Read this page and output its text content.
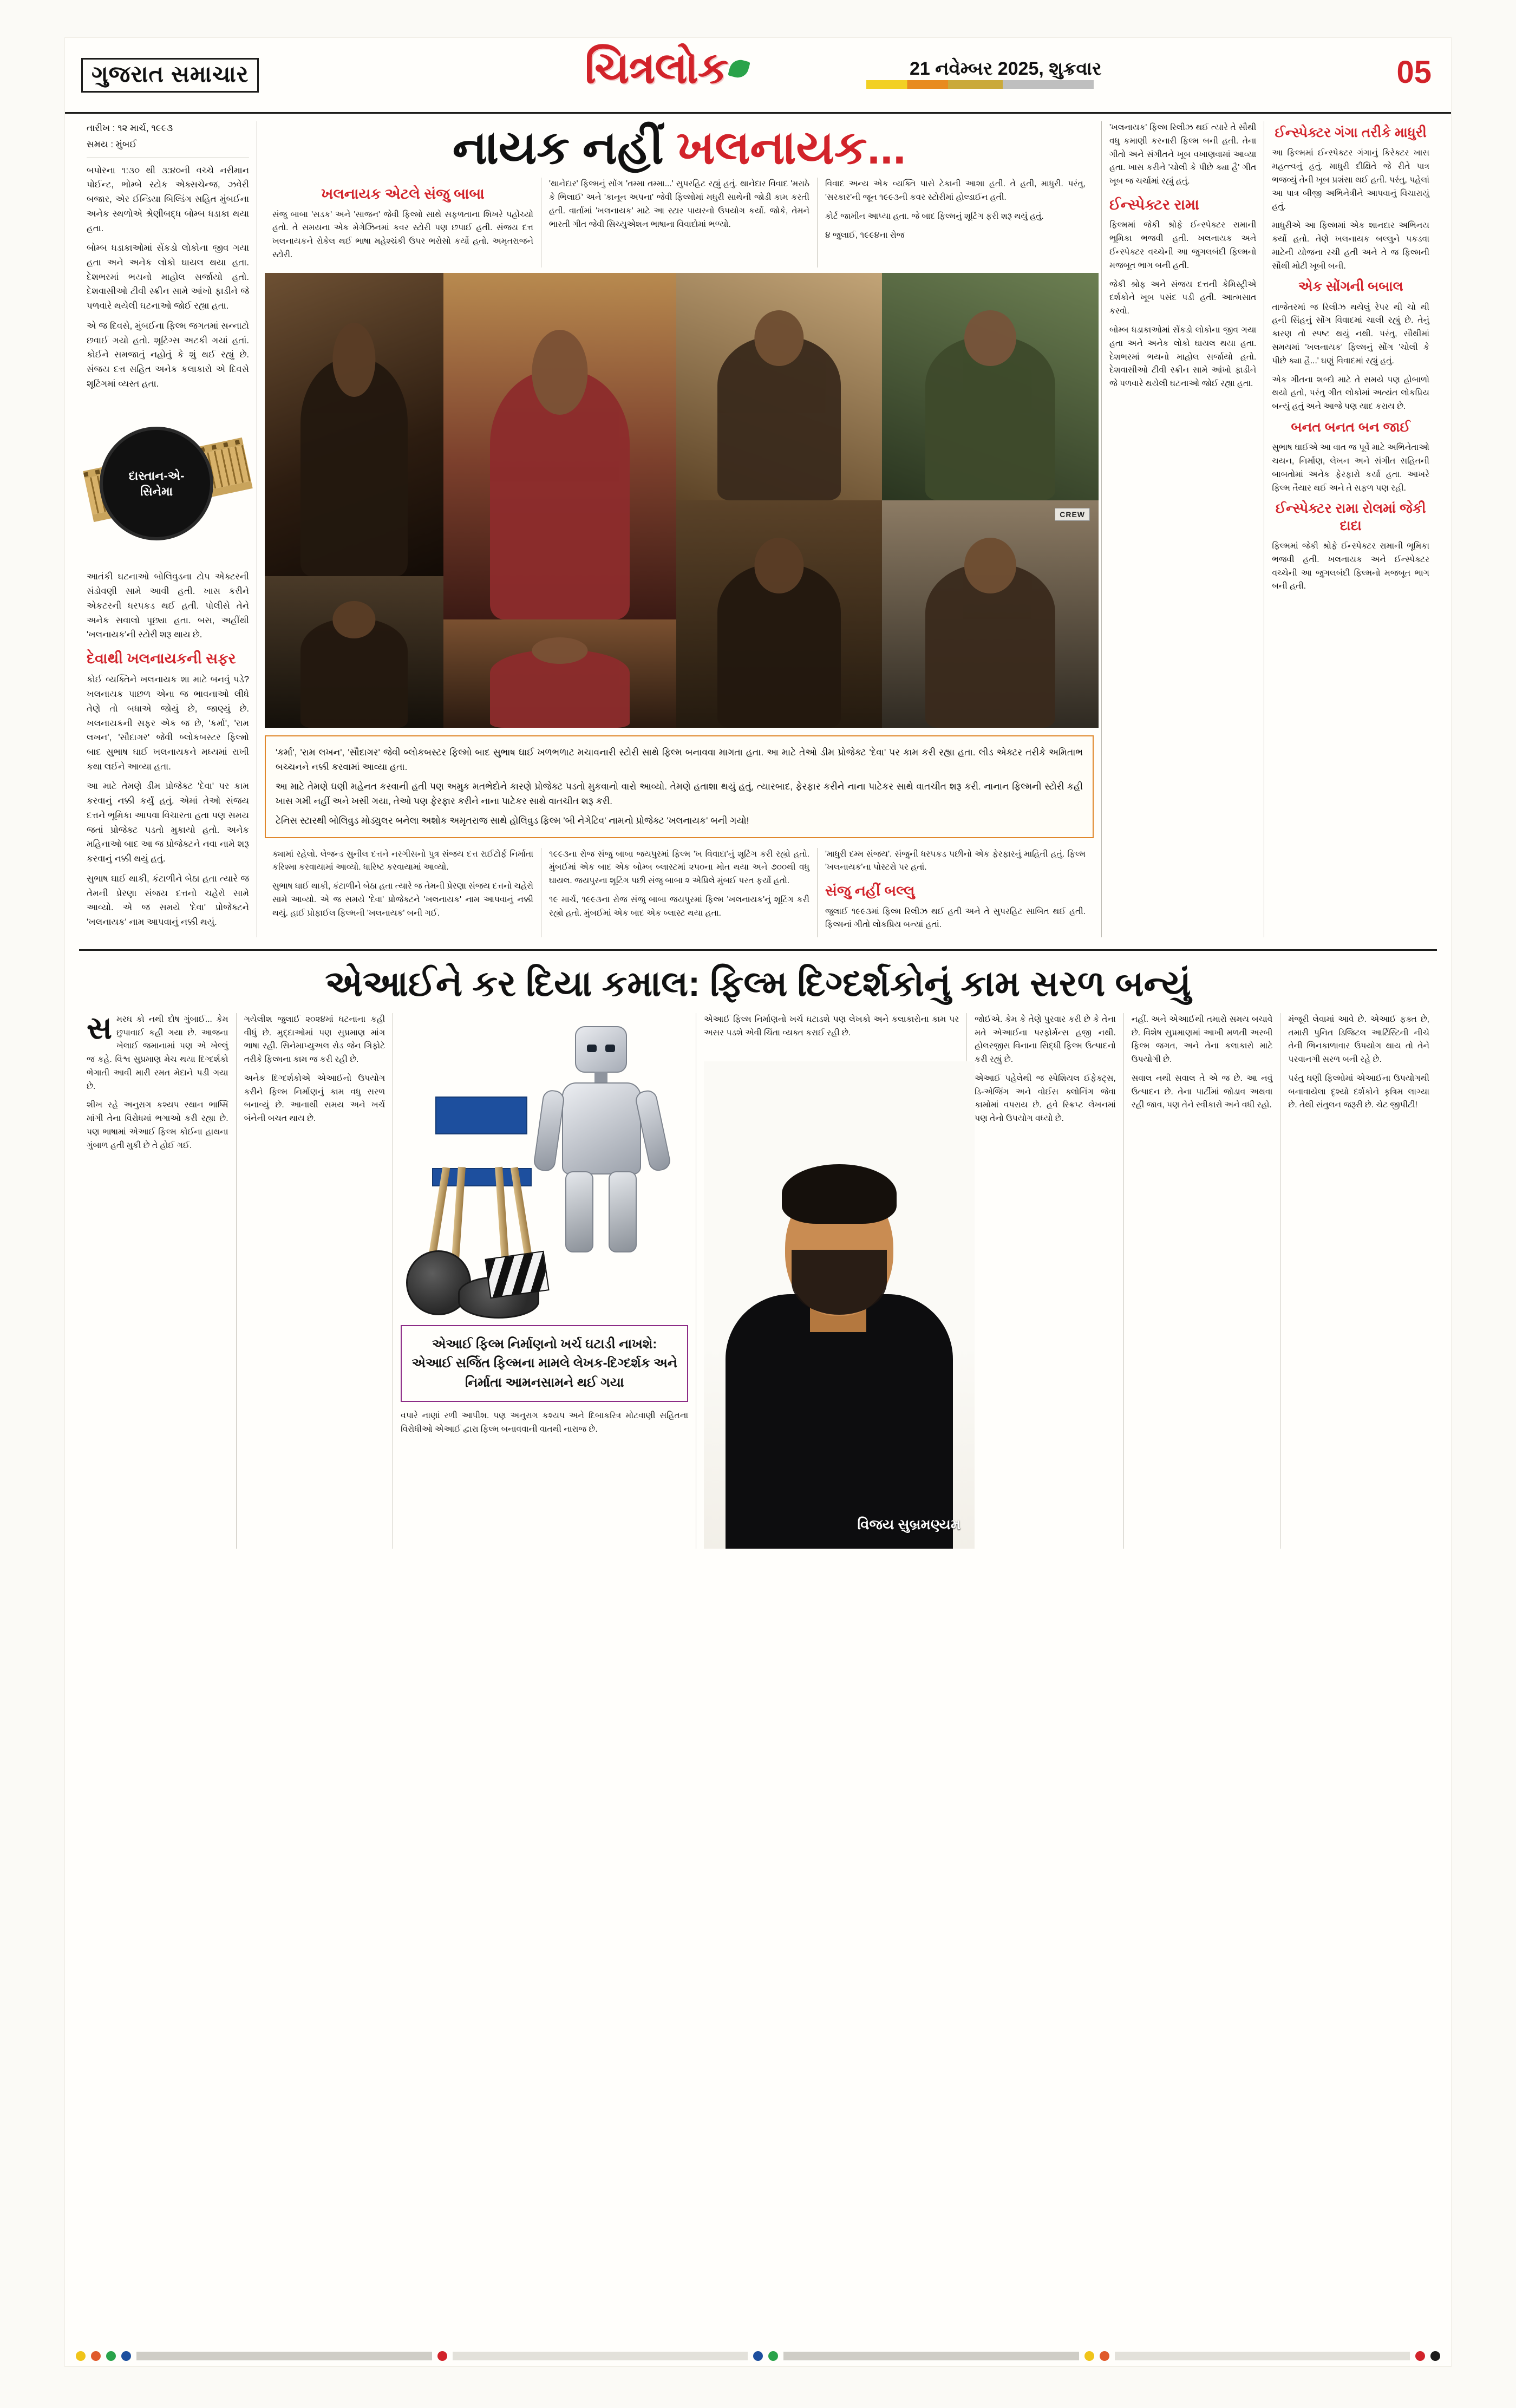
ગુજરાત સમાચાર	ચિત્રલોક	21 નવેમ્બર 2025, શુક્રવાર	05
તારીખ : ૧૨ માર્ચ, ૧૯૯૩
સમય : મુંબઈ

બપોરના ૧:૩૦ થી ૩:૪૦ની વચ્ચે નરીમાન પોઈન્ટ, ભોમ્બે સ્ટોક એક્સચેન્જ, ઝવેરી બજાર, એર ઈન્ડિયા બિલ્ડિંગ સહિત મુંબઈના અનેક સ્થળોએ શ્રેણીબદ્ધ બોમ્બ ધડાકા થયા હતા.

બોમ્બ ધડાકાઓમાં સેંકડો લોકોના જીવ ગયા હતા અને અનેક લોકો ઘાયલ થયા હતા. દેશભરમાં ભયનો માહોલ સર્જાયો હતો. દેશવાસીઓ ટીવી સ્ક્રીન સામે આંખો ફાડીને જે પળવારે થયેલી ઘટનાઓ જોઈ રહ્યા હતા.

એ જ દિવસે, મુંબઈના ફિલ્મ જગતમાં સન્નાટો છવાઈ ગયો હતો. શૂટિંગ્સ અટકી ગયાં હતાં. કોઈને સમજાતું નહોતું કે શું થઈ રહ્યું છે. સંજય દત્ત સહિત અનેક કલાકારો એ દિવસે શૂટિંગમાં વ્યસ્ત હતા.

દાસ્તાન-એ-
સિનેમા

આતંકી ઘટનાઓ બોલિવુડના ટોપ એક્ટરની સંડોવણી સામે આવી હતી. ખાસ કરીને એકટરની ધરપકડ થઈ હતી. પોલીસે તેને અનેક સવાલો પૂછ્યા હતા. બસ, અહીંથી 'ખલનાયક'ની સ્ટોરી શરૂ થાય છે.

દેવાથી ખલનાયકની સફર

કોઈ વ્યક્તિને ખલનાયક શા માટે બનવું પડે? ખલનાયક પાછળ એના જ ભાવનાઓ લીધે તેણે તો બધાએ જોયું છે, જાણ્યું છે. ખલનાયકની સફર એક જ છે, 'કર્મા', 'રામ લખન', 'સૌદાગર' જેવી બ્લોકબસ્ટર ફિલ્મો બાદ સુભાષ ઘાઈ ખલનાયકને મધ્યમાં રાખી કથા લઈને આવ્યા હતા.

આ માટે તેમણે ડીમ પ્રોજેક્ટ 'દેવા' પર કામ કરવાનું નક્કી કર્યું હતું. એમાં તેઓ સંજય દત્તને ભૂમિકા આપવા વિચારતા હતા પણ સમય જતાં પ્રોજેક્ટ પડતો મુકાયો હતો. અનેક મહિનાઓ બાદ આ જ પ્રોજેક્ટને નવા નામે શરૂ કરવાનું નક્કી થયું હતું.

સુભાષ ઘાઈ થાકી, કંટાળીને બેઠા હતા ત્યારે જ તેમની પ્રેરણા સંજય દત્તનો ચહેરો સામે આવ્યો. એ જ સમયે 'દેવા' પ્રોજેક્ટને 'ખલનાયક' નામ આપવાનું નક્કી થયું.

નાયક નહીં ખલનાયક...
ખલનાયક એટલે સંજુ બાબા

સંજુ બાબા 'સડક' અને 'સાજન' જેવી ફિલ્મો સાથે સફળતાના શિખરે પહોંચ્યો હતો. તે સમયના એક મેગેઝિનમાં કવર સ્ટોરી પણ છપાઈ હતી. સંજય દત્ત ખલનાયકને રોકેલ થઈ ભાષા મહેશ્ચ્રંકી ઉપર ભરોસો કર્યો હતો. અમૃતરાજને સ્ટોરી.

'થાનેદાર' ફિલ્મનું સોંગ 'તમ્મા તમ્મા...' સુપરહિટ રહ્યું હતું. થાનેદાર વિવાદ 'મરાઠે કે ભિલાઈ' અને 'કાનૂન અપના' જેવી ફિલ્મોમાં મધુરી સાથેની જોડી કામ કરતી હતી. વાર્તામાં 'ખલનાયક' માટે આ સ્ટાર પાયરનો ઉપયોગ કર્યો. જોકે, તેમને ભારતી ગીત જેવી સિચ્યુએશન ભાષાના વિવાદોમાં ભળ્યો.

વિવાદ અન્ય એક વ્યક્તિ પાસે ટેકાની આશા હતી. તે હતી, માધુરી. પરંતુ, 'સરકાર'ની જૂન ૧૯૯૩ની કવર સ્ટોરીમાં હોલ્ડાઈન હતી.

કોર્ટ જામીન આપ્યા હતા. જે બાદ ફિલ્મનું શૂટિંગ ફરી શરૂ થયું હતું.

૪ જુલાઈ, ૧૯૯૪ના રોજ

CREW

'કર્મા', 'રામ લખન', 'સૌદાગર' જેવી બ્લોકબસ્ટર ફિલ્મો બાદ સુભાષ ઘાઈ ખળભળાટ મચાવનારી સ્ટોરી સાથે ફિલ્મ બનાવવા માગતા હતા. આ માટે તેઓ ડીમ પ્રોજેક્ટ 'દેવા' પર કામ કરી રહ્યા હતા. લીડ એક્ટર તરીકે અમિતાભ બચ્ચનને નક્કી કરવામાં આવ્યા હતા.

આ માટે તેમણે ઘણી મહેનત કરવાની હતી પણ અમુક મતભેદોને કારણે પ્રોજેક્ટ પડતો મુકવાનો વારો આવ્યો. તેમણે હતાશા થયું હતું, ત્યારબાદ, ફેરફાર કરીને નાના પાટેકર સાથે વાતચીત શરૂ કરી. નાનાન ફિલ્મની સ્ટોરી કહી ખાસ ગમી નહીં અને ખસી ગયા, તેઓ પણ ફેરફાર કરીને નાના પાટેકર સાથે વાતચીત શરૂ કરી.

ટેનિસ સ્ટારથી બોલિવુડ મોડ્યુલર બનેલા અશોક અમૃતરાજ સાથે હોલિવુડ ફિલ્મ 'બી નેગેટિવ' નામનો પ્રોજેક્ટ 'ખલનાયક' બની ગયો!

ક્યામાં રહેલો. લેજન્ડ સુનીલ દત્તને નરગીસનો પુત્ર સંજય દત્ત રાઈટોર્ફ નિર્માતા કરિશ્મા કરવાયામાં આવ્યો. ધારિષ્ટ કરવાયામાં આવ્યો.

સુભાષ ઘાઈ થાકી, કંટાળીને બેઠા હતા ત્યારે જ તેમની પ્રેરણા સંજય દત્તનો ચહેરો સામે આવ્યો. એ જ સમયે 'દેવા' પ્રોજેક્ટને 'ખલનાયક' નામ આપવાનું નક્કી થયું. હાઈ પ્રોફાઈલ ફિલ્મની 'ખલનાયક' બની ગઈ.

૧૯૯૩ના રોજ સંજુ બાબા જયપુરમાં ફિલ્મ 'ખ વિવાદા'નું શૂટિંગ કરી રહ્યો હતો. મુંબઈમાં એક બાદ એક બોમ્બ બ્લાસ્ટમાં ૨૫૦ના મોત થયા અને ૭૦૦થી વધુ ઘાયલ. જયપુરના શૂટિંગ પછી સંજુ બાબા ૨ એપ્રિલે મુંબઈ પરત ફર્યો હતો.

૧૯ માર્ચ, ૧૯૯૩ના રોજ સંજુ બાબા જયપુરમાં ફિલ્મ 'ખલનાયક'નું શૂટિંગ કરી રહ્યો હતો. મુંબઈમાં એક બાદ એક બ્લાસ્ટ થયા હતા.

'માધુરી દમ્મ સંજય'. સંજુની ધરપકડ પછીનો એક ફેરફારનું માહિતી હતું. ફિલ્મ 'ખલનાયક'ના પોસ્ટરો પર હતાં.

સંજુ નહીં બલ્લુ

જુલાઈ ૧૯૯૩માં ફિલ્મ રિલીઝ થઈ હતી અને તે સુપરહિટ સાબિત થઈ હતી. ફિલ્મનાં ગીતો લોકપ્રિય બન્યાં હતાં.

'ખલનાયક' ફિલ્મ રિલીઝ થઈ ત્યારે તે સૌથી વધુ કમાણી કરનારી ફિલ્મ બની હતી. તેના ગીતો અને સંગીતને ખૂબ વખાણવામાં આવ્યા હતા. ખાસ કરીને 'ચોલી કે પીછે ક્યા હૈ' ગીત ખૂબ જ ચર્ચામાં રહ્યું હતું.

ઈન્સ્પેક્ટર રામા

ફિલ્મમાં જેકી શ્રોફે ઈન્સ્પેક્ટર રામાની ભૂમિકા ભજવી હતી. ખલનાયક અને ઈન્સ્પેક્ટર વચ્ચેની આ જુગલબંદી ફિલ્મનો મજબૂત ભાગ બની હતી.

જેકી શ્રોફ અને સંજય દત્તની કેમિસ્ટ્રીએ દર્શકોને ખૂબ પસંદ પડી હતી. આત્મસાત કરવો.

બોમ્બ ધડાકાઓમાં સેંકડો લોકોના જીવ ગયા હતા અને અનેક લોકો ઘાયલ થયા હતા. દેશભરમાં ભયનો માહોલ સર્જાયો હતો. દેશવાસીઓ ટીવી સ્ક્રીન સામે આંખો ફાડીને જે પળવારે થયેલી ઘટનાઓ જોઈ રહ્યા હતા.

ઈન્સ્પેક્ટર ગંગા તરીકે માધુરી

આ ફિલ્મમાં ઈન્સ્પેક્ટર ગંગાનું કિરેક્ટર ખાસ મહત્ત્વનું હતું. માધુરી દીક્ષિતે જે રીતે પાત્ર ભજવ્યું તેની ખૂબ પ્રશંસા થઈ હતી. પરંતુ, પહેલાં આ પાત્ર બીજી અભિનેત્રીને આપવાનું વિચારાયું હતું.

માધુરીએ આ ફિલ્મમાં એક શાનદાર અભિનય કર્યો હતો. તેણે ખલનાયક બલ્લુને પકડવા માટેની યોજના રચી હતી અને તે જ ફિલ્મની સૌથી મોટી ખૂબી બની.

એક સોંગની બબાલ

તાજેતરમાં જ રિલીઝ થયેલું રેપર થી ચો થી હની સિંહનું સોંગ વિવાદમાં ચાલી રહ્યું છે. તેનું કારણ તો સ્પષ્ટ થયું નથી. પરંતુ, સૌથીમાં સમયમાં 'ખલનાયક' ફિલ્મનું સોંગ 'ચોલી કે પીછે ક્યા હૈ...' ઘણું વિવાદમાં રહ્યું હતું.

એક ગીતના શબ્દો માટે તે સમયે પણ હોબાળો થયો હતો, પરંતુ ગીત લોકોમાં અત્યંત લોકપ્રિય બન્યું હતું અને આજે પણ યાદ કરાય છે.

બનત બનત બન જાઈ

સુભાષ ઘાઈએ આ વાત જ પૂર્વે માટે અભિનેતાઓ ચયન, નિર્માણ, લેખન અને સંગીત સહિતની બાબતોમાં અનેક ફેરફારો કર્યા હતા. આખરે ફિલ્મ તૈયાર થઈ અને તે સફળ પણ રહી.

ઈન્સ્પેક્ટર રામા રોલમાં જેકી દાદા

ફિલ્મમાં જેકી શ્રોફે ઈન્સ્પેક્ટર રામાની ભૂમિકા ભજવી હતી. ખલનાયક અને ઈન્સ્પેક્ટર વચ્ચેની આ જુગલબંદી ફિલ્મનો મજબૂત ભાગ બની હતી.

એઆઈને કર દિયા કમાલ: ફિલ્મ દિગ્દર્શકોનું કામ સરળ બન્યું

સ મરઘ કો નથી દોષ ગુંબાઈ... કેમ છુપાવાઈ કહી ગયા છે. આજના ખેલાઈ જમાનામાં પણ એ ખેલ્લું જ કહે. વિશ્વ સુપ્રમાણ મેચ થયા દિગ્દર્શકો ભેગાતી આવી મારી રમત મેદાને પડી ગયા છે.

શીખ રહે અનુરાગ કશ્યપ સ્થાન ભાષ્મિ માંગી તેના વિરોધમાં ભગાઓ કરી રહ્યા છે. પણ ભાષામાં એઆઈ ફિલ્મ કોઈના હાથના ગુંબાળ હતી મુકી છે તે હોઈ ગઈ.

ગયેલીશ જુલાઈ ૨૦૨૪માં ઘટનાના કહી વીધું છે. મુદ્દાઓમાં પણ સુપ્રમાણ માંગ ભાષા રહી. સિનેમાપ્યુઅલ રોડ જેન ગિફોટે તરીકે ફિલ્મના કામ જ કરી રહી છે.

અનેક દિગ્દર્શકોએ એઆઈનો ઉપયોગ કરીને ફિલ્મ નિર્માણનું કામ વધુ સરળ બનાવ્યું છે. આનાથી સમય અને ખર્ચ બંનેની બચત થાય છે.

એઆઈ ફિલ્મ નિર્માણનો ખર્ચ ઘટાડી નાખશે: એઆઈ સર્જિત ફિલ્મના મામલે લેખક-દિગ્દર્શક અને નિર્માતા આમનસામને થઈ ગયા

વપારે નાણાં રળી આપીશ. પણ અનુરાગ કશ્યપ અને દિબાકરિત્ર મોટવાણી સહિતના વિરોધીઓ એઆઈ દ્વારા ફિલ્મ બનાવવાની વાતથી નારાજ છે.

એઆઈ ફિલ્મ નિર્માણનો ખર્ચ ઘટાડશે પણ લેખકો અને કલાકારોના કામ પર અસર પડશે એવી ચિંતા વ્યક્ત કરાઈ રહી છે.

વિજય સુબ્રમણ્યમ

જોઈએ. કેમ કે તેણે પુરવાર કરી છે કે તેના મતે એઆઈના પરફોર્મન્સ હજી નથી. હોલરજીસ વિનાના સિદ્ધી ફિલ્મ ઉત્પાદનો કરી રહ્યું છે.

એઆઈ પહેલેથી જ સ્પેશિયલ ઈફેક્ટ્સ, ડિ-એજિંગ અને વોઈસ ક્લોનિંગ જેવા કામોમાં વપરાય છે. હવે સ્ક્રિપ્ટ લેખનમાં પણ તેનો ઉપયોગ વધ્યો છે.

નહીં. અને એઆઈથી તમારો સમય બચાવે છે. વિશેષ સુપ્રમાણમાં આખી મળતી અરબી ફિલ્મ જગત, અને તેના કલાકારો માટે ઉપયોગી છે.

સવાલ નથી સવાલ તે એ જ છે. આ નવું ઉત્પાદન છે. તેના પાર્ટીમાં જોડાવ અથવા રહી જાવ, પણ તેને સ્વીકારો અને વધી રહો.

મંજૂરી લેવામાં આવે છે. એઆઈ ફક્ત છે, તમારી પુનિત ડિજિટલ આર્ટિસ્ટિની નીચે તેની ભિનકાળાવાર ઉપયોગ થાય તો તેને પરવાનગી સરળ બની રહે છે.

પરંતુ ઘણી ફિલ્મોમાં એઆઈના ઉપયોગથી બનાવાયેલા દૃશ્યો દર્શકોને કૃત્રિમ લાગ્યા છે. તેથી સંતુલન જરૂરી છે. ચેટ જીપીટી!
